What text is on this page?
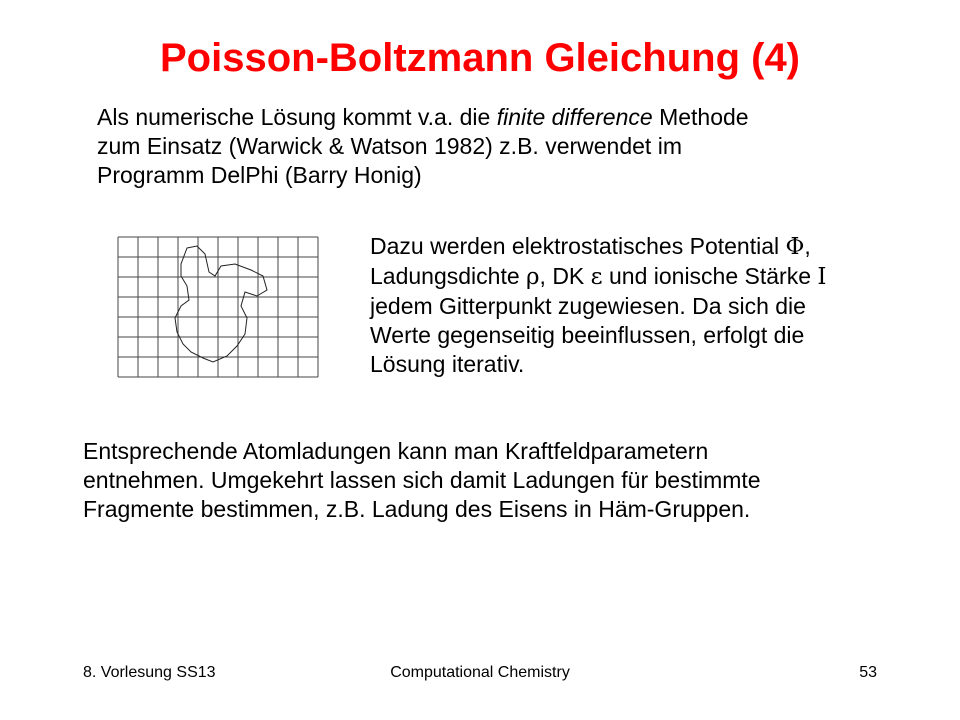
Poisson-Boltzmann Gleichung (4)
Als numerische Lösung kommt v.a. die finite difference Methode
zum Einsatz (Warwick & Watson 1982) z.B. verwendet im
Programm DelPhi (Barry Honig)
Dazu werden elektrostatisches Potential Φ,
Ladungsdichte ρ, DK ε und ionische Stärke I
jedem Gitterpunkt zugewiesen. Da sich die
Werte gegenseitig beeinflussen, erfolgt die
Lösung iterativ.
Entsprechende Atomladungen kann man Kraftfeldparametern
entnehmen. Umgekehrt lassen sich damit Ladungen für bestimmte
Fragmente bestimmen, z.B. Ladung des Eisens in Häm-Gruppen.
8. Vorlesung SS13	Computational Chemistry	53
